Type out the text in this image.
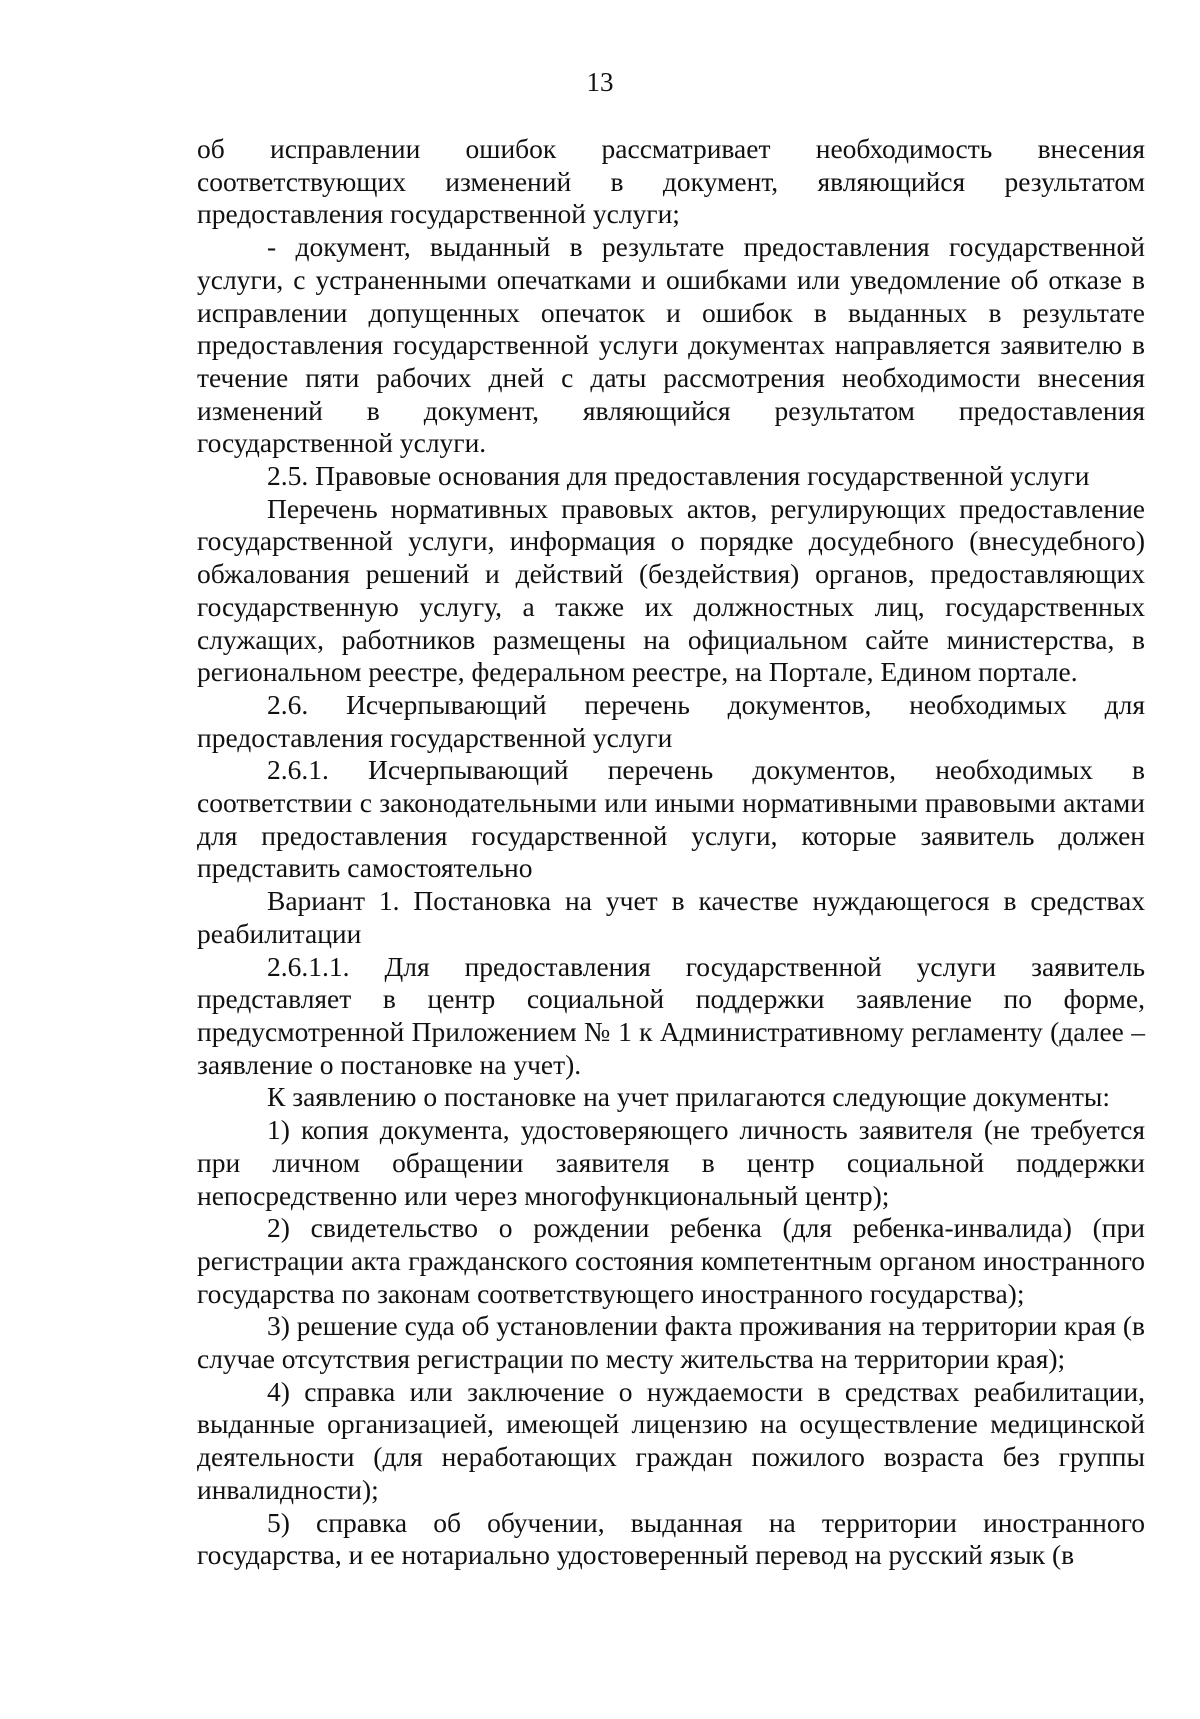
13

об исправлении ошибок рассматривает необходимость внесения соответствующих изменений в документ, являющийся результатом предоставления государственной услуги;

- документ, выданный в результате предоставления государственной услуги, с устраненными опечатками и ошибками или уведомление об отказе в исправлении допущенных опечаток и ошибок в выданных в результате предоставления государственной услуги документах направляется заявителю в течение пяти рабочих дней с даты рассмотрения необходимости внесения изменений в документ, являющийся результатом предоставления государственной услуги.

2.5. Правовые основания для предоставления государственной услуги

Перечень нормативных правовых актов, регулирующих предоставление государственной услуги, информация о порядке досудебного (внесудебного) обжалования решений и действий (бездействия) органов, предоставляющих государственную услугу, а также их должностных лиц, государственных служащих, работников размещены на официальном сайте министерства, в региональном реестре, федеральном реестре, на Портале, Едином портале.

2.6. Исчерпывающий перечень документов, необходимых для предоставления государственной услуги

2.6.1. Исчерпывающий перечень документов, необходимых в соответствии с законодательными или иными нормативными правовыми актами для предоставления государственной услуги, которые заявитель должен представить самостоятельно

Вариант 1. Постановка на учет в качестве нуждающегося в средствах реабилитации

2.6.1.1. Для предоставления государственной услуги заявитель представляет в центр социальной поддержки заявление по форме, предусмотренной Приложением № 1 к Административному регламенту (далее – заявление о постановке на учет).

К заявлению о постановке на учет прилагаются следующие документы:

1) копия документа, удостоверяющего личность заявителя (не требуется при личном обращении заявителя в центр социальной поддержки непосредственно или через многофункциональный центр);

2) свидетельство о рождении ребенка (для ребенка-инвалида) (при регистрации акта гражданского состояния компетентным органом иностранного государства по законам соответствующего иностранного государства);

3) решение суда об установлении факта проживания на территории края (в случае отсутствия регистрации по месту жительства на территории края);

4) справка или заключение о нуждаемости в средствах реабилитации, выданные организацией, имеющей лицензию на осуществление медицинской деятельности (для неработающих граждан пожилого возраста без группы инвалидности);

5) справка об обучении, выданная на территории иностранного государства, и ее нотариально удостоверенный перевод на русский язык (в
